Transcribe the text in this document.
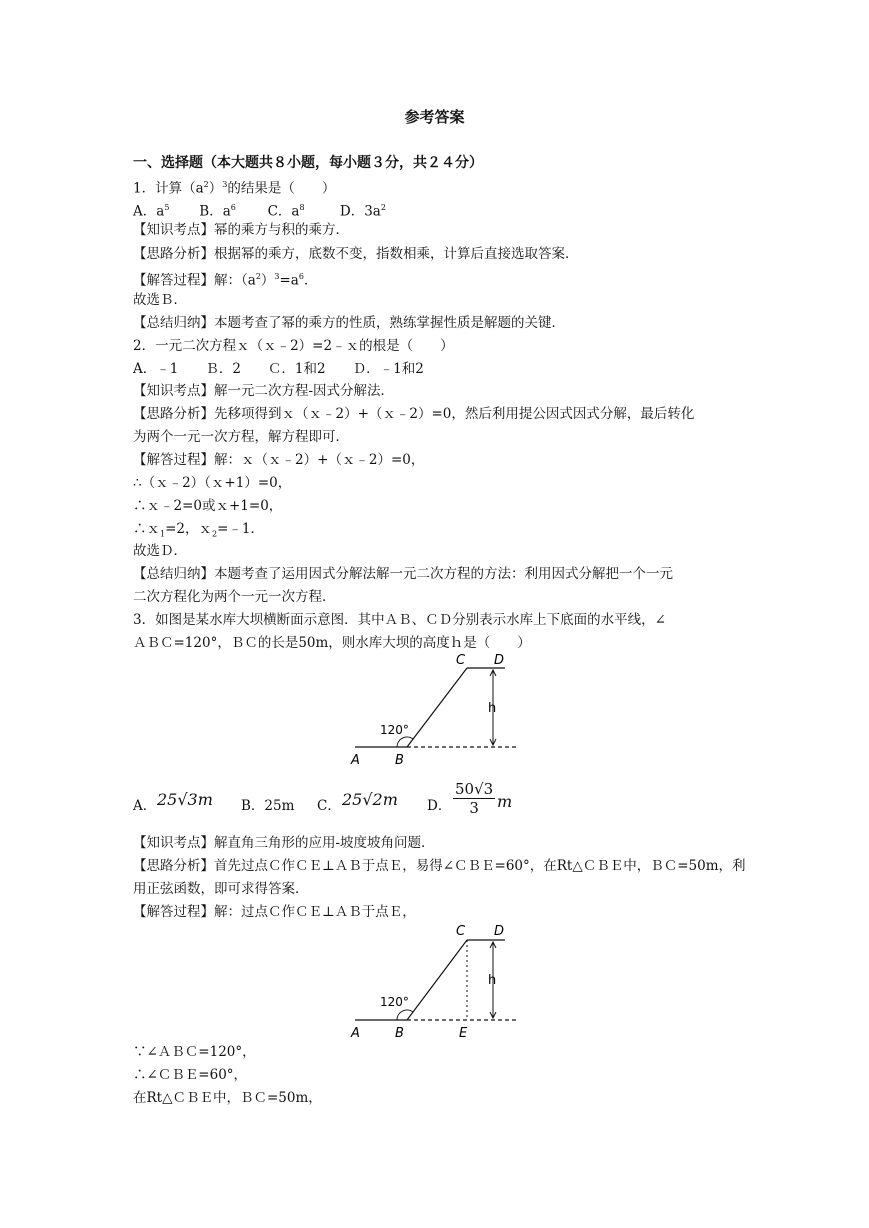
参考答案
一、选择题（本大题共８小题，每小题３分，共２４分）
1．计算$(a^2)^3$的结果是（　　）
A．$a^5$ B．$a^6$ C．$a^8$	D．$3a^2$
【知识考点】幂的乘方与积的乘方．
【思路分析】根据幂的乘方，底数不变，指数相乘，计算后直接选取答案．
【解答过程】解：$(a^2)^3=a^6$．
故选Ｂ．
【总结归纳】本题考查了幂的乘方的性质，熟练掌握性质是解题的关键．
2．一元二次方程ｘ（ｘ﹣2）=2﹣ｘ的根是（　　）
A．﹣1　　Ｂ．2　　Ｃ．1和2　　Ｄ．﹣1和2
【知识考点】解一元二次方程-因式分解法．
【思路分析】先移项得到ｘ（ｘ﹣2）+（ｘ﹣2）=0，然后利用提公因式因式分解，最后转化
为两个一元一次方程，解方程即可．
【解答过程】解：ｘ（ｘ﹣2）+（ｘ﹣2）=0，
∴（ｘ﹣2）（ｘ+1）=0，
∴ｘ﹣2=0或ｘ+1=0，
∴ｘ$_1$=2，ｘ$_2$=﹣1．
故选Ｄ．
【总结归纳】本题考查了运用因式分解法解一元二次方程的方法：利用因式分解把一个一元
二次方程化为两个一元一次方程．
3．如图是某水库大坝横断面示意图．其中ＡＢ、ＣＤ分别表示水库上下底面的水平线，∠
ＡＢＣ=120°，ＢＣ的长是50m，则水库大坝的高度ｈ是（　　）
120°
h
A	B
C D
A． 25√3m B．25m C． 25√2m D． $\frac{50√3}{3}$ m
【知识考点】解直角三角形的应用-坡度坡角问题．
【思路分析】首先过点Ｃ作ＣＥ⊥ＡＢ于点Ｅ，易得∠ＣＢＥ=60°，在Rt△ＣＢＥ中，ＢＣ=50m，利
用正弦函数，即可求得答案．
【解答过程】解：过点Ｃ作ＣＥ⊥ＡＢ于点Ｅ，
120°
h
A	B	E
C D
∵∠ＡＢＣ=120°，
∴∠ＣＢＥ=60°，
在Rt△ＣＢＥ中，ＢＣ=50m，
